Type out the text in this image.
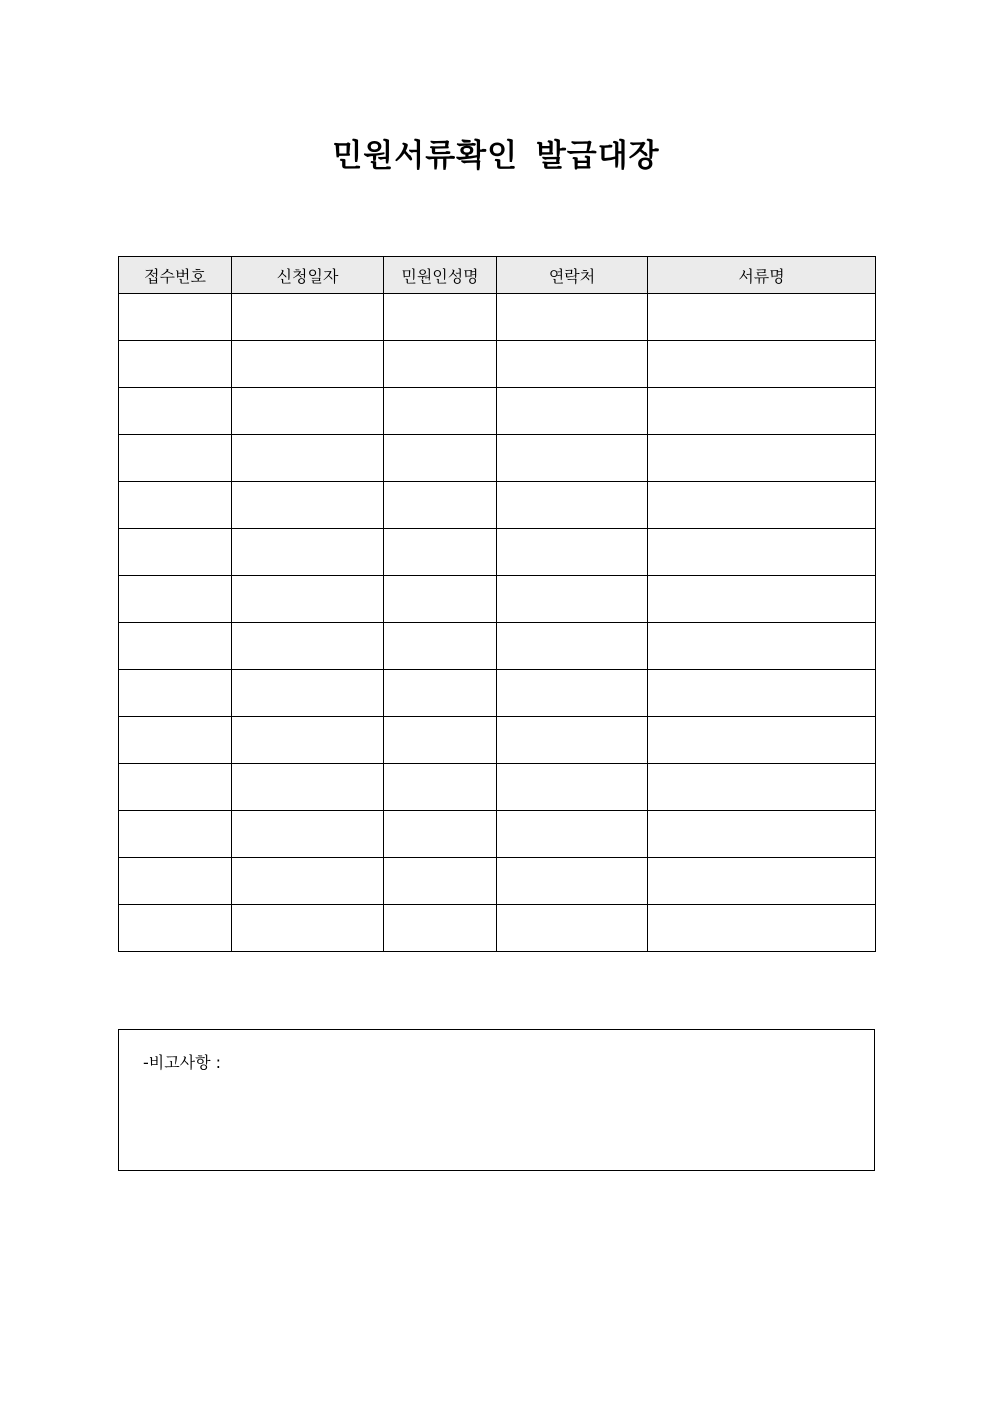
민원서류확인 발급대장
접수번호	신청일자	민원인성명	연락처	서류명

-비고사항 :
